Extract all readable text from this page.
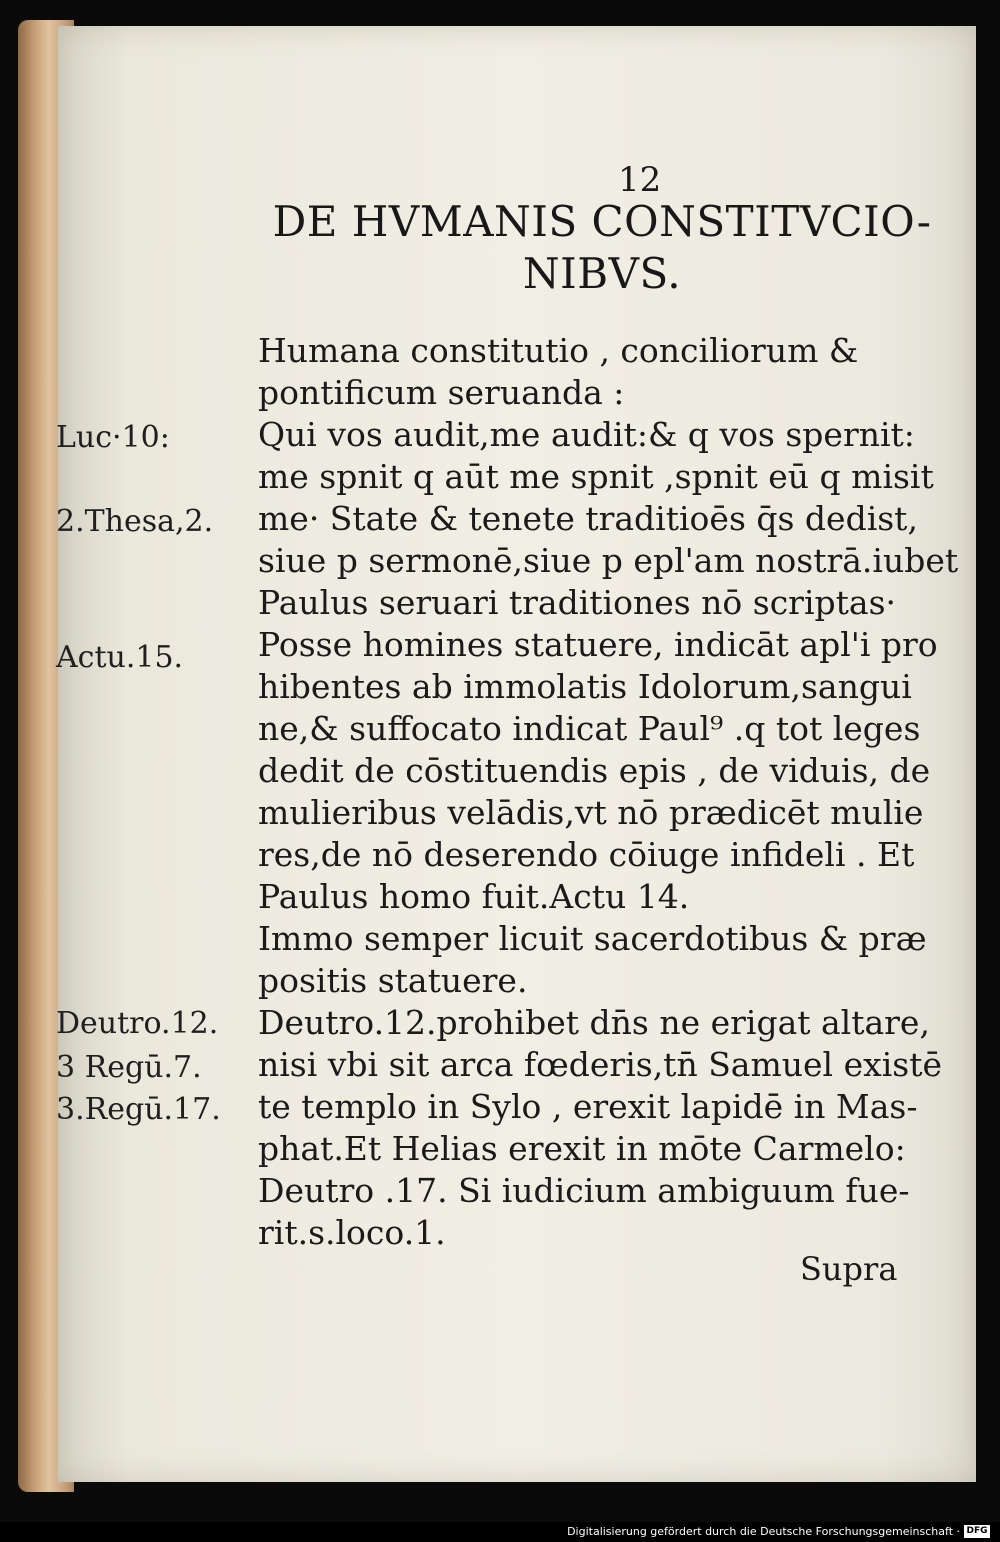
12
DE HVMANIS CONSTITVCIO-
NIBVS.
Luc·10:
2.Thesa,2.
Actu.15.
Deutro.12.
3 Regū.7.
3.Regū.17.
Humana constitutio , conciliorum &
pontificum seruanda :
Qui vos audit,me audit:& q vos spernit:
me spnit q aūt me spnit ,spnit eū q misit
me· State & tenete traditioēs q̄s dedist,
siue p sermonē,siue p epl'am nostrā.iubet
Paulus seruari traditiones nō scriptas·
Posse homines statuere, indicāt apl'i pro
hibentes ab immolatis Idolorum,sangui
ne,& suffocato indicat Paul⁹ .q tot leges
dedit de cōstituendis epis , de viduis, de
mulieribus velādis,vt nō prædicēt mulie
res,de nō deserendo cōiuge infideli . Et
Paulus homo fuit.Actu 14.
Immo semper licuit sacerdotibus & præ
positis statuere.
Deutro.12.prohibet dn̄s ne erigat altare,
nisi vbi sit arca fœderis,tn̄ Samuel existē
te templo in Sylo , erexit lapidē in Mas-
phat.Et Helias erexit in mōte Carmelo:
Deutro .17. Si iudicium ambiguum fue-
rit.s.loco.1.
Supra
Digitalisierung gefördert durch die Deutsche Forschungsgemeinschaft · DFG
